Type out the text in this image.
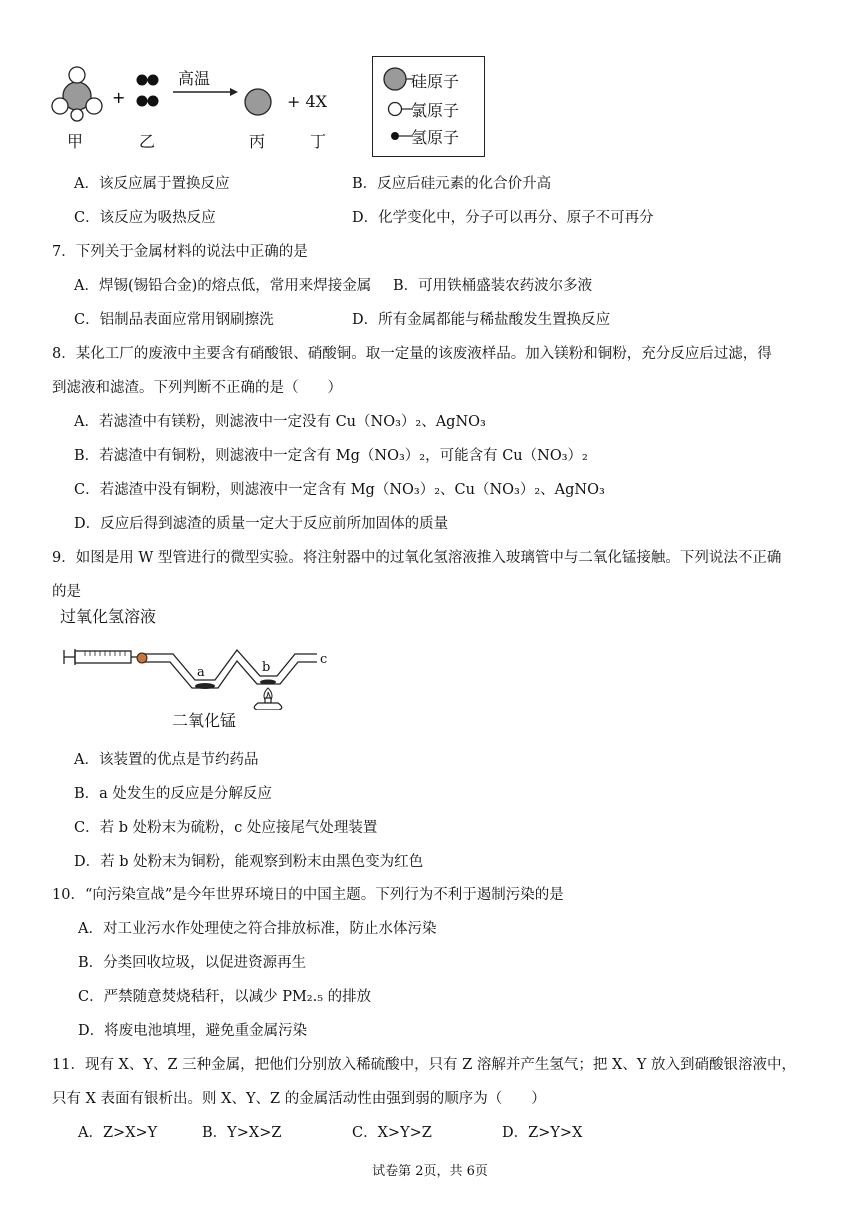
+
高温
+ 4X
甲	乙	丙	丁
硅原子
氯原子
氢原子
A．该反应属于置换反应	B．反应后硅元素的化合价升高
C．该反应为吸热反应	D．化学变化中，分子可以再分、原子不可再分
7．下列关于金属材料的说法中正确的是
A．焊锡(锡铅合金)的熔点低，常用来焊接金属 B．可用铁桶盛装农药波尔多液
C．铝制品表面应常用钢刷擦洗	D．所有金属都能与稀盐酸发生置换反应
8．某化工厂的废液中主要含有硝酸银、硝酸铜。取一定量的该废液样品。加入镁粉和铜粉，充分反应后过滤，得
到滤液和滤渣。下列判断不正确的是（　　）
A．若滤渣中有镁粉，则滤液中一定没有 Cu（NO₃）₂、AgNO₃
B．若滤渣中有铜粉，则滤液中一定含有 Mg（NO₃）₂，可能含有 Cu（NO₃）₂
C．若滤渣中没有铜粉，则滤液中一定含有 Mg（NO₃）₂、Cu（NO₃）₂、AgNO₃
D．反应后得到滤渣的质量一定大于反应前所加固体的质量
9．如图是用 W 型管进行的微型实验。将注射器中的过氧化氢溶液推入玻璃管中与二氧化锰接触。下列说法不正确
的是
过氧化氢溶液
二氧化锰
a	b
c
A．该装置的优点是节约药品
B．a 处发生的反应是分解反应
C．若 b 处粉末为硫粉，c 处应接尾气处理装置
D．若 b 处粉末为铜粉，能观察到粉末由黑色变为红色
10．“向污染宣战”是今年世界环境日的中国主题。下列行为不利于遏制污染的是
A．对工业污水作处理使之符合排放标准，防止水体污染
B．分类回收垃圾，以促进资源再生
C．严禁随意焚烧秸秆，以减少 PM₂.₅ 的排放
D．将废电池填埋，避免重金属污染
11．现有 X、Y、Z 三种金属，把他们分别放入稀硫酸中，只有 Z 溶解并产生氢气；把 X、Y 放入到硝酸银溶液中，
只有 X 表面有银析出。则 X、Y、Z 的金属活动性由强到弱的顺序为（　　）
A．Z>X>Y	B．Y>X>Z	C．X>Y>Z	D．Z>Y>X
试卷第 2页，共 6页
